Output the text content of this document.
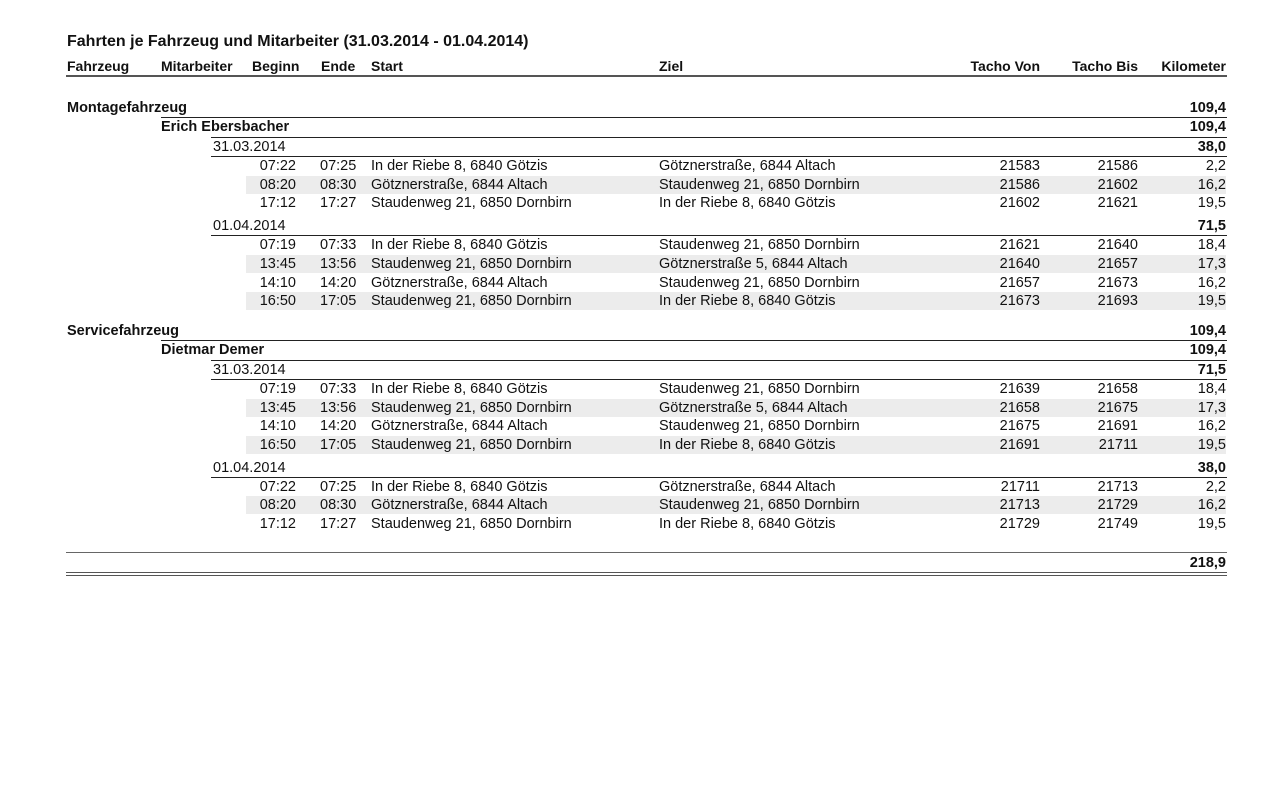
Fahrten je Fahrzeug und Mitarbeiter (31.03.2014 - 01.04.2014)
Fahrzeug Mitarbeiter Beginn Ende Start	Ziel	Tacho Von	Tacho Bis	Kilometer
Montagefahrzeug	109,4
Erich Ebersbacher	109,4
31.03.2014	38,0
07:22 07:25 In der Riebe 8, 6840 Götzis	Götznerstraße, 6844 Altach	21583	21586	2,2
08:20 08:30 Götznerstraße, 6844 Altach	Staudenweg 21, 6850 Dornbirn	21586	21602	16,2
17:12 17:27 Staudenweg 21, 6850 Dornbirn	In der Riebe 8, 6840 Götzis	21602	21621	19,5
01.04.2014	71,5
07:19 07:33 In der Riebe 8, 6840 Götzis	Staudenweg 21, 6850 Dornbirn	21621	21640	18,4
13:45 13:56 Staudenweg 21, 6850 Dornbirn	Götznerstraße 5, 6844 Altach	21640	21657	17,3
14:10 14:20 Götznerstraße, 6844 Altach	Staudenweg 21, 6850 Dornbirn	21657	21673	16,2
16:50 17:05 Staudenweg 21, 6850 Dornbirn	In der Riebe 8, 6840 Götzis	21673	21693	19,5
Servicefahrzeug	109,4
Dietmar Demer	109,4
31.03.2014	71,5
07:19 07:33 In der Riebe 8, 6840 Götzis	Staudenweg 21, 6850 Dornbirn	21639	21658	18,4
13:45 13:56 Staudenweg 21, 6850 Dornbirn	Götznerstraße 5, 6844 Altach	21658	21675	17,3
14:10 14:20 Götznerstraße, 6844 Altach	Staudenweg 21, 6850 Dornbirn	21675	21691	16,2
16:50 17:05 Staudenweg 21, 6850 Dornbirn	In der Riebe 8, 6840 Götzis	21691	21711	19,5
01.04.2014	38,0
07:22 07:25 In der Riebe 8, 6840 Götzis	Götznerstraße, 6844 Altach	21711	21713	2,2
08:20 08:30 Götznerstraße, 6844 Altach	Staudenweg 21, 6850 Dornbirn	21713	21729	16,2
17:12 17:27 Staudenweg 21, 6850 Dornbirn	In der Riebe 8, 6840 Götzis	21729	21749	19,5
218,9
